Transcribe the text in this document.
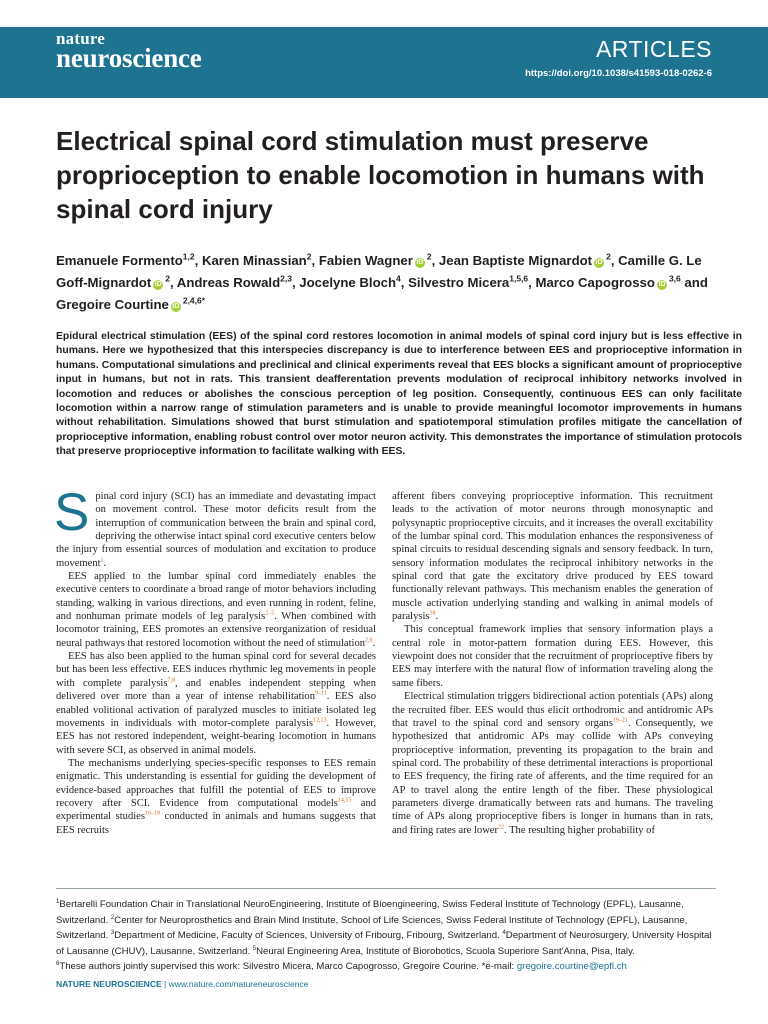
nature
neuroscience	ARTICLES
https://doi.org/10.1038/s41593-018-0262-6
Electrical spinal cord stimulation must preserve proprioception to enable locomotion in humans with spinal cord injury
Emanuele Formento$^{1,2}$, Karen Minassian$^2$, Fabien Wagner $iD^2$, Jean Baptiste Mignardot $iD^2$, Camille G. Le Goff-Mignardot $iD^2$, Andreas Rowald$^{2,3}$, Jocelyne Bloch$^4$, Silvestro Micera$^{1,5,6}$, Marco Capogrosso iD$^{3,6}$ and Gregoire Courtine $iD^{2,4,6*}$

Epidural electrical stimulation (EES) of the spinal cord restores locomotion in animal models of spinal cord injury but is less effective in humans. Here we hypothesized that this interspecies discrepancy is due to interference between EES and proprioceptive information in humans. Computational simulations and preclinical and clinical experiments reveal that EES blocks a significant amount of proprioceptive input in humans, but not in rats. This transient deafferentation prevents modulation of reciprocal inhibitory networks involved in locomotion and reduces or abolishes the conscious perception of leg position. Consequently, continuous EES can only facilitate locomotion within a narrow range of stimulation parameters and is unable to provide meaningful locomotor improvements in humans without rehabilitation. Simulations showed that burst stimulation and spatiotemporal stimulation profiles mitigate the cancellation of proprioceptive information, enabling robust control over motor neuron activity. This demonstrates the importance of stimulation protocols that preserve proprioceptive information to facilitate walking with EES.

Spinal cord injury (SCI) has an immediate and devastating impact on movement control. These motor deficits result from the interruption of communication between the brain and spinal cord, depriving the otherwise intact spinal cord executive centers below the injury from essential sources of modulation and excitation to produce movement$^1$.

EES applied to the lumbar spinal cord immediately enables the executive centers to coordinate a broad range of motor behaviors including standing, walking in various directions, and even running in rodent, feline, and nonhuman primate models of leg paralysis$^{2-5}$. When combined with locomotor training, EES promotes an extensive reorganization of residual neural pathways that restored locomotion without the need of stimulation$^{2,6}$.

EES has also been applied to the human spinal cord for several decades but has been less effective. EES induces rhythmic leg movements in people with complete paralysis$^{7,8}$, and enables independent stepping when delivered over more than a year of intense rehabilitation$^{9-11}$. EES also enabled volitional activation of paralyzed muscles to initiate isolated leg movements in individuals with motor-complete paralysis$^{12,13}$. However, EES has not restored independent, weight-bearing locomotion in humans with severe SCI, as observed in animal models.

The mechanisms underlying species-specific responses to EES remain enigmatic. This understanding is essential for guiding the development of evidence-based approaches that fulfill the potential of EES to improve recovery after SCI. Evidence from computational models$^{14,15}$ and experimental studies$^{16-18}$ conducted in animals and humans suggests that EES recruits

afferent fibers conveying proprioceptive information. This recruitment leads to the activation of motor neurons through monosynaptic and polysynaptic proprioceptive circuits, and it increases the overall excitability of the lumbar spinal cord. This modulation enhances the responsiveness of spinal circuits to residual descending signals and sensory feedback. In turn, sensory information modulates the reciprocal inhibitory networks in the spinal cord that gate the excitatory drive produced by EES toward functionally relevant pathways. This mechanism enables the generation of muscle activation underlying standing and walking in animal models of paralysis$^{18}$.

This conceptual framework implies that sensory information plays a central role in motor-pattern formation during EES. However, this viewpoint does not consider that the recruitment of proprioceptive fibers by EES may interfere with the natural flow of information traveling along the same fibers.

Electrical stimulation triggers bidirectional action potentials (APs) along the recruited fiber. EES would thus elicit orthodromic and antidromic APs that travel to the spinal cord and sensory organs$^{19-21}$. Consequently, we hypothesized that antidromic APs may collide with APs conveying proprioceptive information, preventing its propagation to the brain and spinal cord. The probability of these detrimental interactions is proportional to EES frequency, the firing rate of afferents, and the time required for an AP to travel along the entire length of the fiber. These physiological parameters diverge dramatically between rats and humans. The traveling time of APs along proprioceptive fibers is longer in humans than in rats, and firing rates are lower$^{22}$. The resulting higher probability of

$^1$Bertarelli Foundation Chair in Translational NeuroEngineering, Institute of Bioengineering, Swiss Federal Institute of Technology (EPFL), Lausanne, Switzerland. $^2$Center for Neuroprosthetics and Brain Mind Institute, School of Life Sciences, Swiss Federal Institute of Technology (EPFL), Lausanne, Switzerland. $^3$Department of Medicine, Faculty of Sciences, University of Fribourg, Fribourg, Switzerland. $^4$Department of Neurosurgery, University Hospital of Lausanne (CHUV), Lausanne, Switzerland. $^5$Neural Engineering Area, Institute of Biorobotics, Scuola Superiore Sant'Anna, Pisa, Italy.

$^6$These authors jointly supervised this work: Silvestro Micera, Marco Capogrosso, Gregoire Courine. *e-mail: gregoire.courtine@epfl.ch

NATURE NEUROSCIENCE | www.nature.com/natureneuroscience
